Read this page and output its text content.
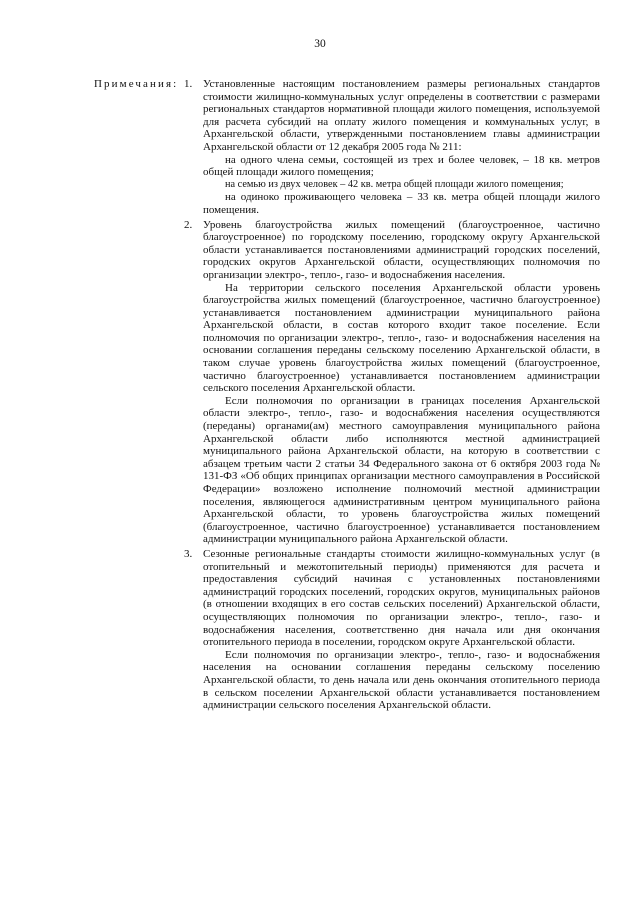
30
Примечания: 1. Установленные настоящим постановлением размеры региональных стандартов стоимости жилищно-коммунальных услуг определены в соответствии с размерами региональных стандартов нормативной площади жилого помещения, используемой для расчета субсидий на оплату жилого помещения и коммунальных услуг, в Архангельской области, утвержденными постановлением главы администрации Архангельской области от 12 декабря 2005 года № 211:

на одного члена семьи, состоящей из трех и более человек, – 18 кв. метров общей площади жилого помещения;

на семью из двух человек – 42 кв. метра общей площади жилого помещения;

на одиноко проживающего человека – 33 кв. метра общей площади жилого помещения.

2. Уровень благоустройства жилых помещений (благоустроенное, частично благоустроенное) по городскому поселению, городскому округу Архангельской области устанавливается постановлениями администраций городских поселений, городских округов Архангельской области, осуществляющих полномочия по организации электро-, тепло-, газо- и водоснабжения населения.

На территории сельского поселения Архангельской области уровень благоустройства жилых помещений (благоустроенное, частично благоустроенное) устанавливается постановлением администрации муниципального района Архангельской области, в состав которого входит такое поселение. Если полномочия по организации электро-, тепло-, газо- и водоснабжения населения на основании соглашения переданы сельскому поселению Архангельской области, в таком случае уровень благоустройства жилых помещений (благоустроенное, частично благоустроенное) устанавливается постановлением администрации сельского поселения Архангельской области.

Если полномочия по организации в границах поселения Архангельской области электро-, тепло-, газо- и водоснабжения населения осуществляются (переданы) органами(ам) местного самоуправления муниципального района Архангельской области либо исполняются местной администрацией муниципального района Архангельской области, на которую в соответствии с абзацем третьим части 2 статьи 34 Федерального закона от 6 октября 2003 года № 131-ФЗ «Об общих принципах организации местного самоуправления в Российской Федерации» возложено исполнение полномочий местной администрации поселения, являющегося административным центром муниципального района Архангельской области, то уровень благоустройства жилых помещений (благоустроенное, частично благоустроенное) устанавливается постановлением администрации муниципального района Архангельской области.

3. Сезонные региональные стандарты стоимости жилищно-коммунальных услуг (в отопительный и межотопительный периоды) применяются для расчета и предоставления субсидий начиная с установленных постановлениями администраций городских поселений, городских округов, муниципальных районов (в отношении входящих в его состав сельских поселений) Архангельской области, осуществляющих полномочия по организации электро-, тепло-, газо- и водоснабжения населения, соответственно дня начала или дня окончания отопительного периода в поселении, городском округе Архангельской области.

Если полномочия по организации электро-, тепло-, газо- и водоснабжения населения на основании соглашения переданы сельскому поселению Архангельской области, то день начала или день окончания отопительного периода в сельском поселении Архангельской области устанавливается постановлением администрации сельского поселения Архангельской области.
